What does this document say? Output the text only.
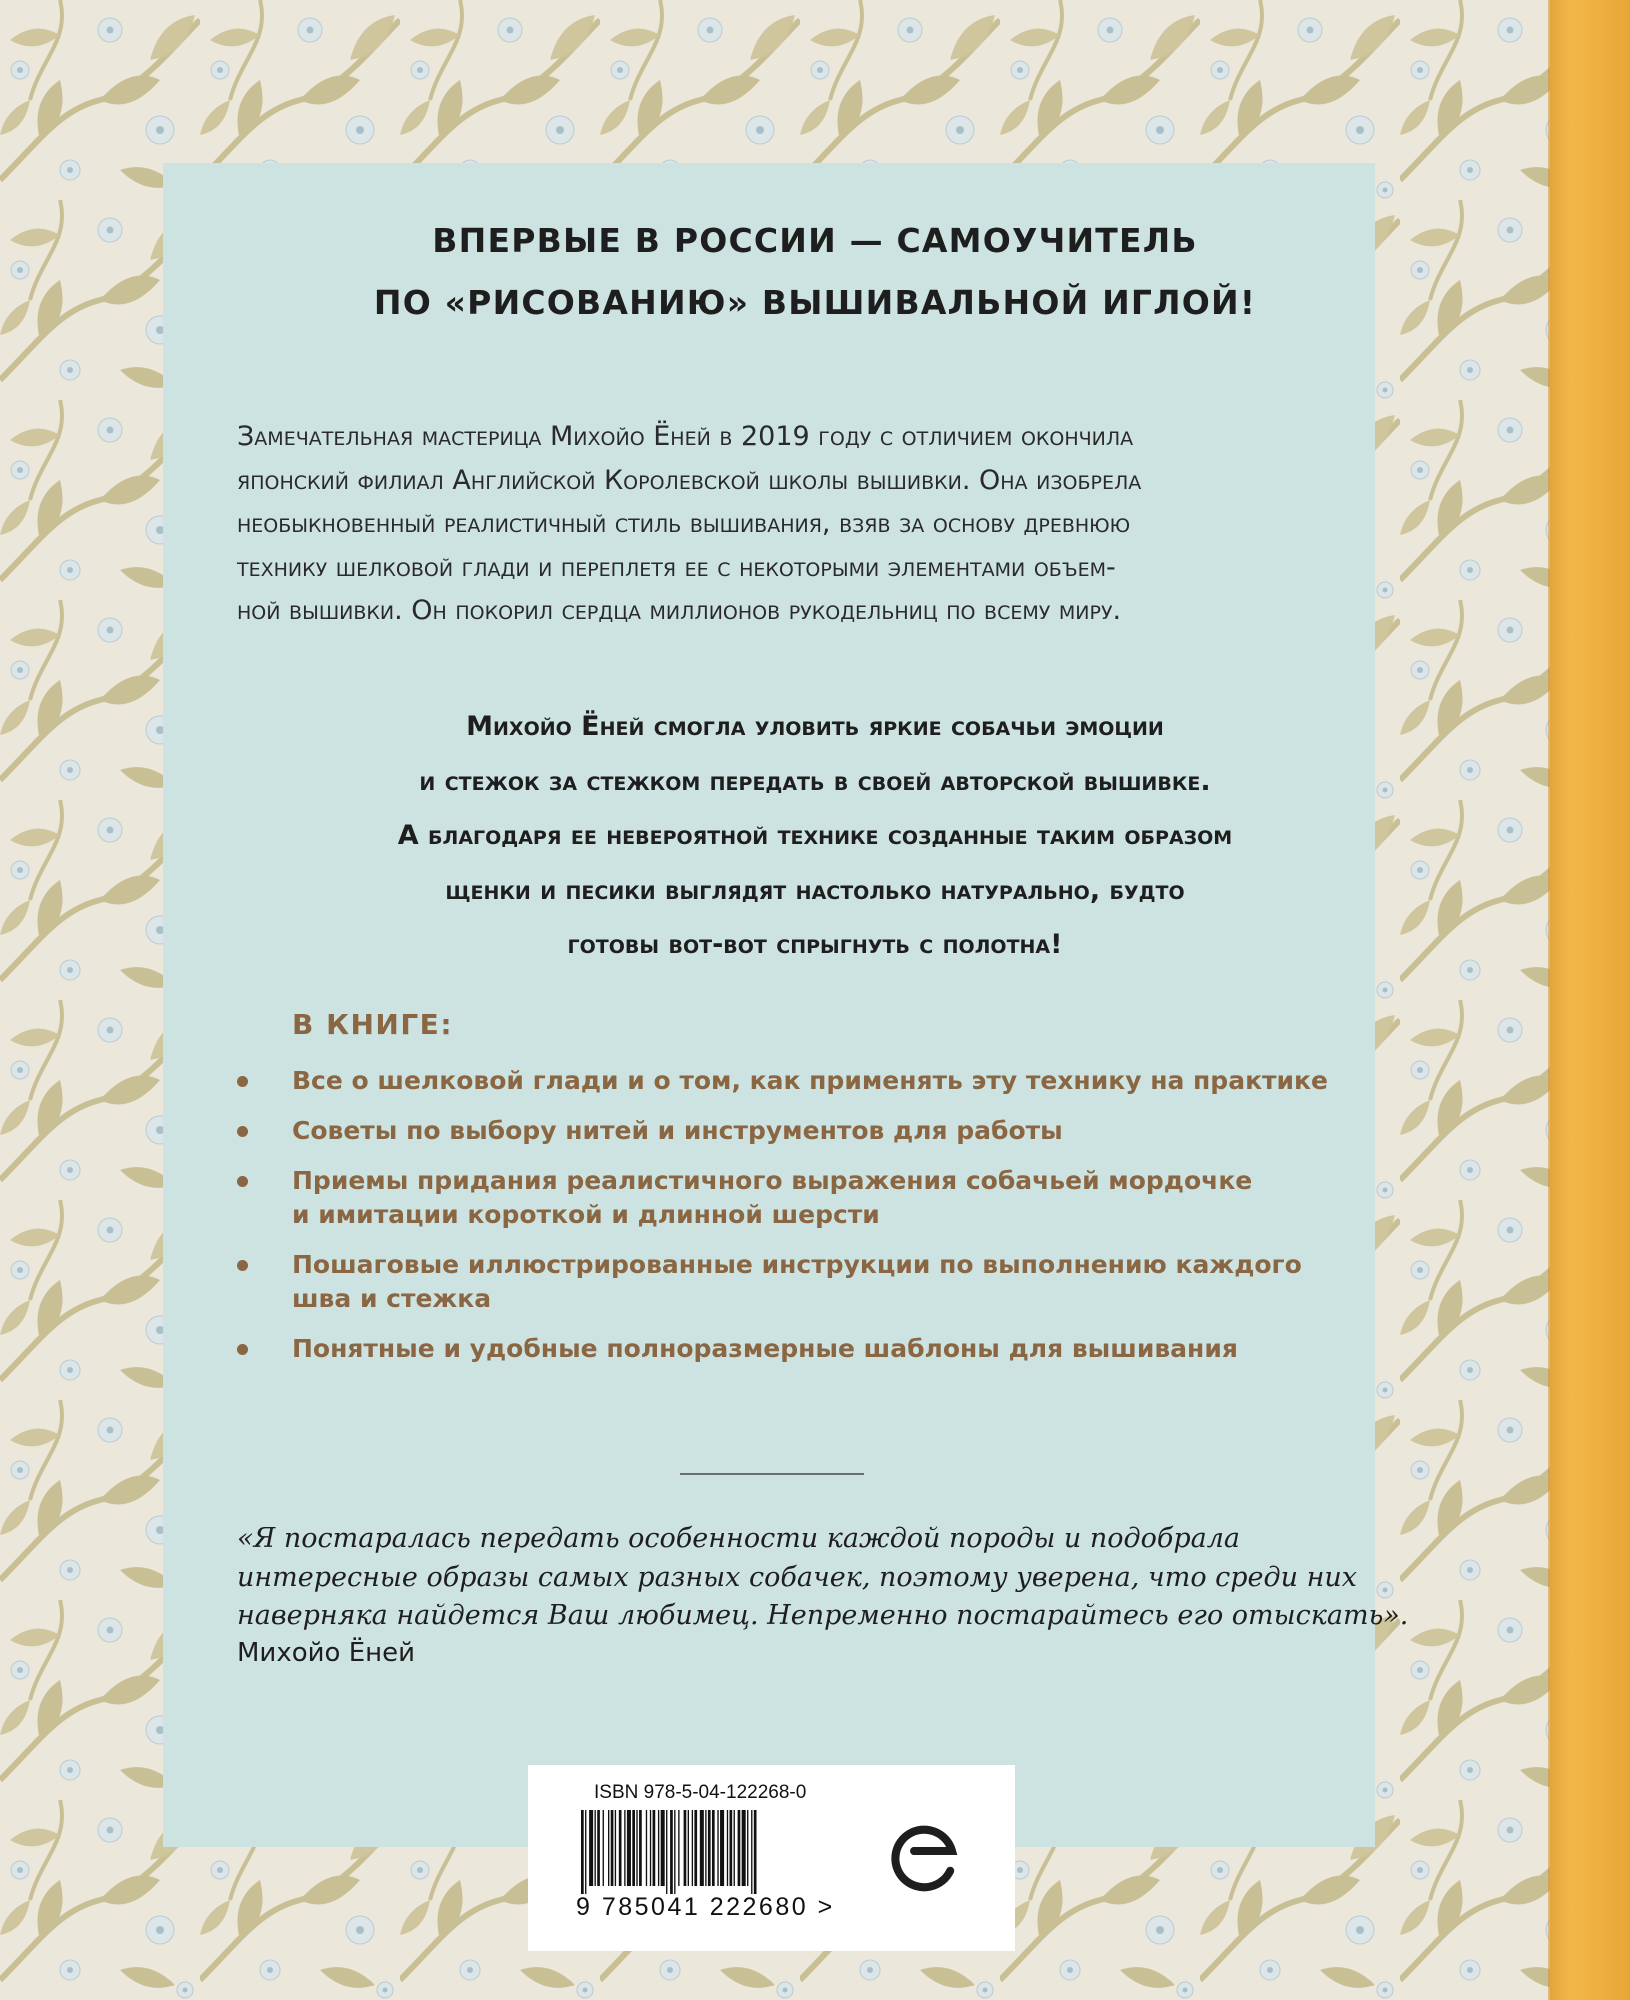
ВПЕРВЫЕ В РОССИИ — САМОУЧИТЕЛЬ
ПО «РИСОВАНИЮ» ВЫШИВАЛЬНОЙ ИГЛОЙ!
Замечательная мастерица Михойо Ёней в 2019 году с отличием окончила
японский филиал Английской Королевской школы вышивки. Она изобрела
необыкновенный реалистичный стиль вышивания, взяв за основу древнюю
технику шелковой глади и переплетя ее с некоторыми элементами объем-
ной вышивки. Он покорил сердца миллионов рукодельниц по всему миру.
Михойо Ёней смогла уловить яркие собачьи эмоции
и стежок за стежком передать в своей авторской вышивке.
А благодаря ее невероятной технике созданные таким образом
щенки и песики выглядят настолько натурально, будто
готовы вот-вот спрыгнуть с полотна!
В КНИГЕ:
Все о шелковой глади и о том, как применять эту технику на практике
Советы по выбору нитей и инструментов для работы
Приемы придания реалистичного выражения собачьей мордочке
и имитации короткой и длинной шерсти
Пошаговые иллюстрированные инструкции по выполнению каждого
шва и стежка
Понятные и удобные полноразмерные шаблоны для вышивания
«Я постаралась передать особенности каждой породы и подобрала
интересные образы самых разных собачек, поэтому уверена, что среди них
наверняка найдется Ваш любимец. Непременно постарайтесь его отыскать».
Михойо Ёней
ISBN 978-5-04-122268-0
9 785041 222680 >
